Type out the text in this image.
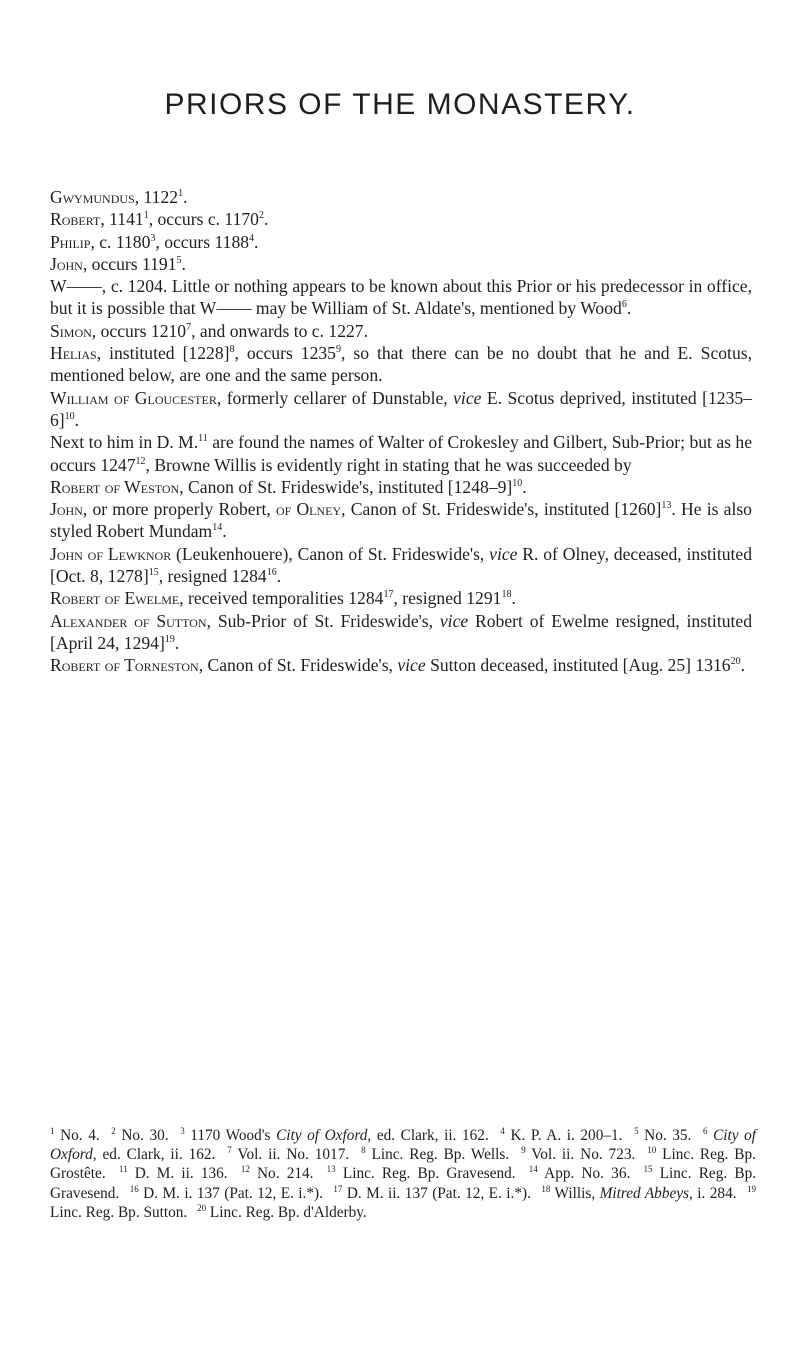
PRIORS OF THE MONASTERY.

Gwymundus, 1122$^1$.

Robert, 1141$^1$, occurs c. 1170$^2$.

Philip, c. 1180$^3$, occurs 1188$^4$.

John, occurs 1191$^5$.

W——, c. 1204. Little or nothing appears to be known about this Prior or his predecessor in office, but it is possible that W—— may be William of St. Aldate's, mentioned by Wood$^6$.

Simon, occurs 1210$^7$, and onwards to c. 1227.

Helias, instituted $[1228]^8$, occurs 1235$^9$, so that there can be no doubt that he and E. Scotus, mentioned below, are one and the same person.

William of Gloucester, formerly cellarer of Dunstable, vice E. Scotus deprived, instituted $[1235-6]^{10}$.

Next to him in D. M.$^{11}$ are found the names of Walter of Crokesley and Gilbert, Sub-Prior; but as he occurs 1247$^{12}$, Browne Willis is evidently right in stating that he was succeeded by

Robert of Weston, Canon of St. Frideswide's, instituted $[1248-9]^{10}$.

John, or more properly Robert, of Olney, Canon of St. Frideswide's, instituted $[1260]^{13}$. He is also styled Robert Mundam$^{14}$.

John of Lewknor (Leukenhouere), Canon of St. Frideswide's, vice R. of Olney, deceased, instituted [Oct. 8, 1278]$^{15}$, resigned 1284$^{16}$.

Robert of Ewelme, received temporalities 1284$^{17}$, resigned 1291$^{18}$.

Alexander of Sutton, Sub-Prior of St. Frideswide's, vice Robert of Ewelme resigned, instituted [April 24, 1294]$^{19}$.

Robert of Torneston, Canon of St. Frideswide's, vice Sutton deceased, instituted [Aug. 25] 1316$^{20}$.

$^1$ No. 4. $^2$ No. 30. $^3$ 1170 Wood's City of Oxford, ed. Clark, ii. 162. $^4$ K. P. A. i. 200–1. $^5$ No. 35. $^6$ City of Oxford, ed. Clark, ii. 162. $^7$ Vol. ii. No. 1017. $^8$ Linc. Reg. Bp. Wells. $^9$ Vol. ii. No. 723. $^{10}$ Linc. Reg. Bp. Grostête. $^{11}$ D. M. ii. 136. $^{12}$ No. 214. $^{13}$ Linc. Reg. Bp. Gravesend. $^{14}$ App. No. 36. $^{15}$ Linc. Reg. Bp. Gravesend. $^{16}$ D. M. i. 137 (Pat. 12, E. i.*). $^{17}$ D. M. ii. 137 (Pat. 12, E. i.*). $^{18}$ Willis, Mitred Abbeys, i. 284. $^{19}$ Linc. Reg. Bp. Sutton. $^{20}$ Linc. Reg. Bp. d'Alderby.
